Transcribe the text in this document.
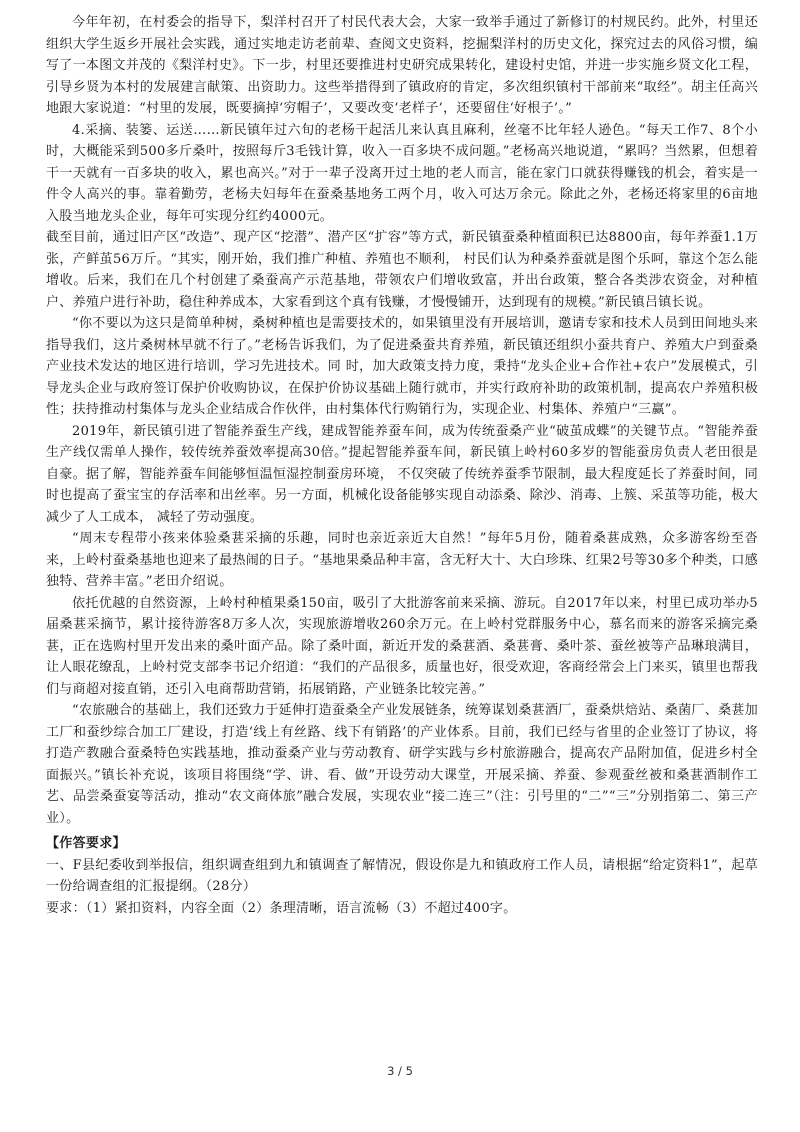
今年年初，在村委会的指导下，梨洋村召开了村民代表大会，大家一致举手通过了新修订的村规民约。此外，村里还组织大学生返乡开展社会实践，通过实地走访老前辈、查阅文史资料，挖掘梨洋村的历史文化，探究过去的风俗习惯，编写了一本图文并茂的《梨洋村史》。下一步，村里还要推进村史研究成果转化，建设村史馆，并进一步实施乡贤文化工程，引导乡贤为本村的发展建言献策、出资助力。这些举措得到了镇政府的肯定，多次组织镇村干部前来“取经”。胡主任高兴地跟大家说道：“村里的发展，既要摘掉‘穷帽子’，又要改变‘老样子’，还要留住‘好根子’。”

4.采摘、装篓、运送……新民镇年过六旬的老杨干起活儿来认真且麻利，丝毫不比年轻人逊色。“每天工作7、8个小时，大概能采到500多斤桑叶，按照每斤3毛钱计算，收入一百多块不成问题。”老杨高兴地说道，“累吗？当然累，但想着干一天就有一百多块的收入，累也高兴。”对于一辈子没离开过土地的老人而言，能在家门口就获得赚钱的机会，着实是一件令人高兴的事。靠着勤劳，老杨夫妇每年在蚕桑基地务工两个月，收入可达万余元。除此之外，老杨还将家里的6亩地入股当地龙头企业，每年可实现分红约4000元。

截至目前，通过旧产区“改造”、现产区“挖潜”、潜产区“扩容”等方式，新民镇蚕桑种植面积已达8800亩，每年养蚕1.1万张，产鲜茧56万斤。“其实，刚开始，我们推广种植、养殖也不顺利， 村民们认为种桑养蚕就是图个乐呵，靠这个怎么能增收。后来，我们在几个村创建了桑蚕高产示范基地，带领农户们增收致富，并出台政策，整合各类涉农资金，对种植户、养殖户进行补助，稳住种养成本，大家看到这个真有钱赚，才慢慢铺开，达到现有的规模。”新民镇吕镇长说。

“你不要以为这只是简单种树，桑树种植也是需要技术的，如果镇里没有开展培训，邀请专家和技术人员到田间地头来指导我们，这片桑树林早就不行了。”老杨告诉我们，为了促进桑蚕共育养殖，新民镇还组织小蚕共育户、养殖大户到蚕桑产业技术发达的地区进行培训，学习先进技术。同 时，加大政策支持力度，秉持“龙头企业+合作社+农户”发展模式，引导龙头企业与政府签订保护价收购协议，在保护价协议基础上随行就市，并实行政府补助的政策机制，提高农户养殖积极性；扶持推动村集体与龙头企业结成合作伙伴，由村集体代行购销行为，实现企业、村集体、养殖户“三赢”。

2019年，新民镇引进了智能养蚕生产线，建成智能养蚕车间，成为传统蚕桑产业“破茧成蝶”的关键节点。“智能养蚕生产线仅需单人操作，较传统养蚕效率提高30倍。”提起智能养蚕车间，新民镇上岭村60多岁的智能蚕房负责人老田很是自豪。据了解，智能养蚕车间能够恒温恒湿控制蚕房环境， 不仅突破了传统养蚕季节限制，最大程度延长了养蚕时间，同时也提高了蚕宝宝的存活率和出丝率。另一方面，机械化设备能够实现自动添桑、除沙、消毒、上簇、采茧等功能，极大减少了人工成本， 减轻了劳动强度。

“周末专程带小孩来体验桑葚采摘的乐趣，同时也亲近亲近大自然！”每年5月份，随着桑葚成熟，众多游客纷至沓来，上岭村蚕桑基地也迎来了最热闹的日子。“基地果桑品种丰富，含无籽大十、大白珍珠、红果2号等30多个种类，口感独特、营养丰富。”老田介绍说。

依托优越的自然资源，上岭村种植果桑150亩，吸引了大批游客前来采摘、游玩。自2017年以来，村里已成功举办5届桑葚采摘节，累计接待游客8万多人次，实现旅游增收260余万元。在上岭村党群服务中心，慕名而来的游客采摘完桑葚，正在选购村里开发出来的桑叶面产品。除了桑叶面，新近开发的桑葚酒、桑葚膏、桑叶茶、蚕丝被等产品琳琅满目，让人眼花缭乱，上岭村党支部李书记介绍道：“我们的产品很多，质量也好，很受欢迎，客商经常会上门来买，镇里也帮我们与商超对接直销，还引入电商帮助营销，拓展销路，产业链条比较完善。”

“农旅融合的基础上，我们还致力于延伸打造蚕桑全产业发展链条，统筹谋划桑葚酒厂，蚕桑烘焙站、桑菌厂、桑葚加工厂和蚕纱综合加工厂建设，打造‘线上有丝路、线下有销路’的产业体系。目前，我们已经与省里的企业签订了协议，将打造产教融合蚕桑特色实践基地，推动蚕桑产业与劳动教育、研学实践与乡村旅游融合，提高农产品附加值，促进乡村全面振兴。”镇长补充说，该项目将围绕“学、讲、看、做”开设劳动大课堂，开展采摘、养蚕、参观蚕丝被和桑葚酒制作工艺、品尝桑蚕宴等活动，推动“农文商体旅”融合发展，实现农业“接二连三”（注：引号里的“二”“三”分别指第二、第三产业）。

【作答要求】

一、F县纪委收到举报信，组织调查组到九和镇调查了解情况，假设你是九和镇政府工作人员，请根据“给定资料1”，起草一份给调查组的汇报提纲。（28分）

要求：（1）紧扣资料，内容全面（2）条理清晰，语言流畅（3）不超过400字。

3 / 5
